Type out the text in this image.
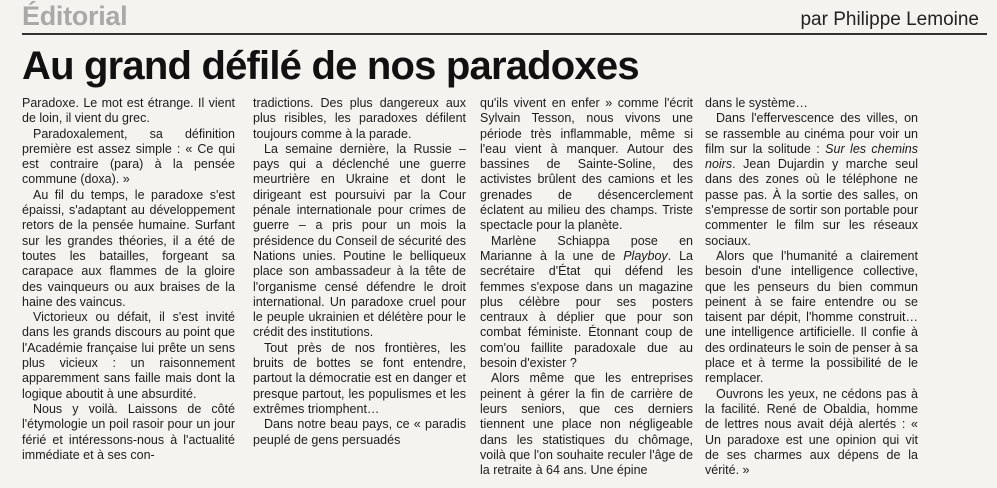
Éditorial	par Philippe Lemoine
Au grand défilé de nos paradoxes

Paradoxe. Le mot est étrange. Il vient de loin, il vient du grec.

Paradoxalement, sa définition première est assez simple : « Ce qui est contraire (para) à la pensée commune (doxa). »

Au fil du temps, le paradoxe s'est épaissi, s'adaptant au développement retors de la pensée humaine. Surfant sur les grandes théories, il a été de toutes les batailles, forgeant sa carapace aux flammes de la gloire des vainqueurs ou aux braises de la haine des vaincus.

Victorieux ou défait, il s'est invité dans les grands discours au point que l'Académie française lui prête un sens plus vicieux : un raisonnement apparemment sans faille mais dont la logique aboutit à une absurdité.

Nous y voilà. Laissons de côté l'étymologie un poil rasoir pour un jour férié et intéressons-nous à l'actualité immédiate et à ses con-

tradictions. Des plus dangereux aux plus risibles, les paradoxes défilent toujours comme à la parade.

La semaine dernière, la Russie – pays qui a déclenché une guerre meurtrière en Ukraine et dont le dirigeant est poursuivi par la Cour pénale internationale pour crimes de guerre – a pris pour un mois la présidence du Conseil de sécurité des Nations unies. Poutine le belliqueux place son ambassadeur à la tête de l'organisme censé défendre le droit international. Un paradoxe cruel pour le peuple ukrainien et délétère pour le crédit des institutions.

Tout près de nos frontières, les bruits de bottes se font entendre, partout la démocratie est en danger et presque partout, les populismes et les extrêmes triomphent…

Dans notre beau pays, ce « paradis peuplé de gens persuadés

qu'ils vivent en enfer » comme l'écrit Sylvain Tesson, nous vivons une période très inflammable, même si l'eau vient à manquer. Autour des bassines de Sainte-Soline, des activistes brûlent des camions et les grenades de désencerclement éclatent au milieu des champs. Triste spectacle pour la planète.

Marlène Schiappa pose en Marianne à la une de Playboy. La secrétaire d'État qui défend les femmes s'expose dans un magazine plus célèbre pour ses posters centraux à déplier que pour son combat féministe. Étonnant coup de com'ou faillite paradoxale due au besoin d'exister ?

Alors même que les entreprises peinent à gérer la fin de carrière de leurs seniors, que ces derniers tiennent une place non négligeable dans les statistiques du chômage, voilà que l'on souhaite reculer l'âge de la retraite à 64 ans. Une épine

dans le système…

Dans l'effervescence des villes, on se rassemble au cinéma pour voir un film sur la solitude : Sur les chemins noirs. Jean Dujardin y marche seul dans des zones où le téléphone ne passe pas. À la sortie des salles, on s'empresse de sortir son portable pour commenter le film sur les réseaux sociaux.

Alors que l'humanité a clairement besoin d'une intelligence collective, que les penseurs du bien commun peinent à se faire entendre ou se taisent par dépit, l'homme construit… une intelligence artificielle. Il confie à des ordinateurs le soin de penser à sa place et à terme la possibilité de le remplacer.

Ouvrons les yeux, ne cédons pas à la facilité. René de Obaldia, homme de lettres nous avait déjà alertés : « Un paradoxe est une opinion qui vit de ses charmes aux dépens de la vérité. »
